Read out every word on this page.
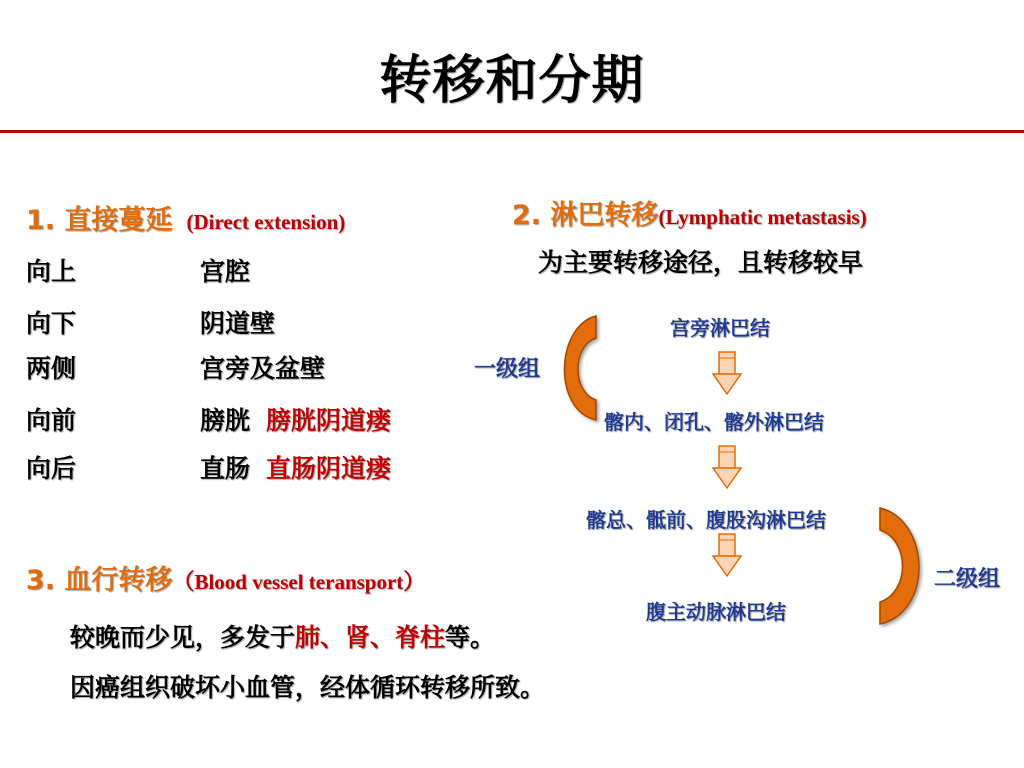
转移和分期
1. 直接蔓延 (Direct extension)
向上	宫腔
向下	阴道壁
两侧	宫旁及盆壁
向前	膀胱 膀胱阴道瘘
向后	直肠 直肠阴道瘘
2. 淋巴转移(Lymphatic metastasis)
为主要转移途径，且转移较早
宫旁淋巴结
髂内、闭孔、髂外淋巴结
髂总、骶前、腹股沟淋巴结
腹主动脉淋巴结
一级组
二级组
3. 血行转移（Blood vessel teransport）
较晚而少见，多发于肺、肾、脊柱等。
因癌组织破坏小血管，经体循环转移所致。
